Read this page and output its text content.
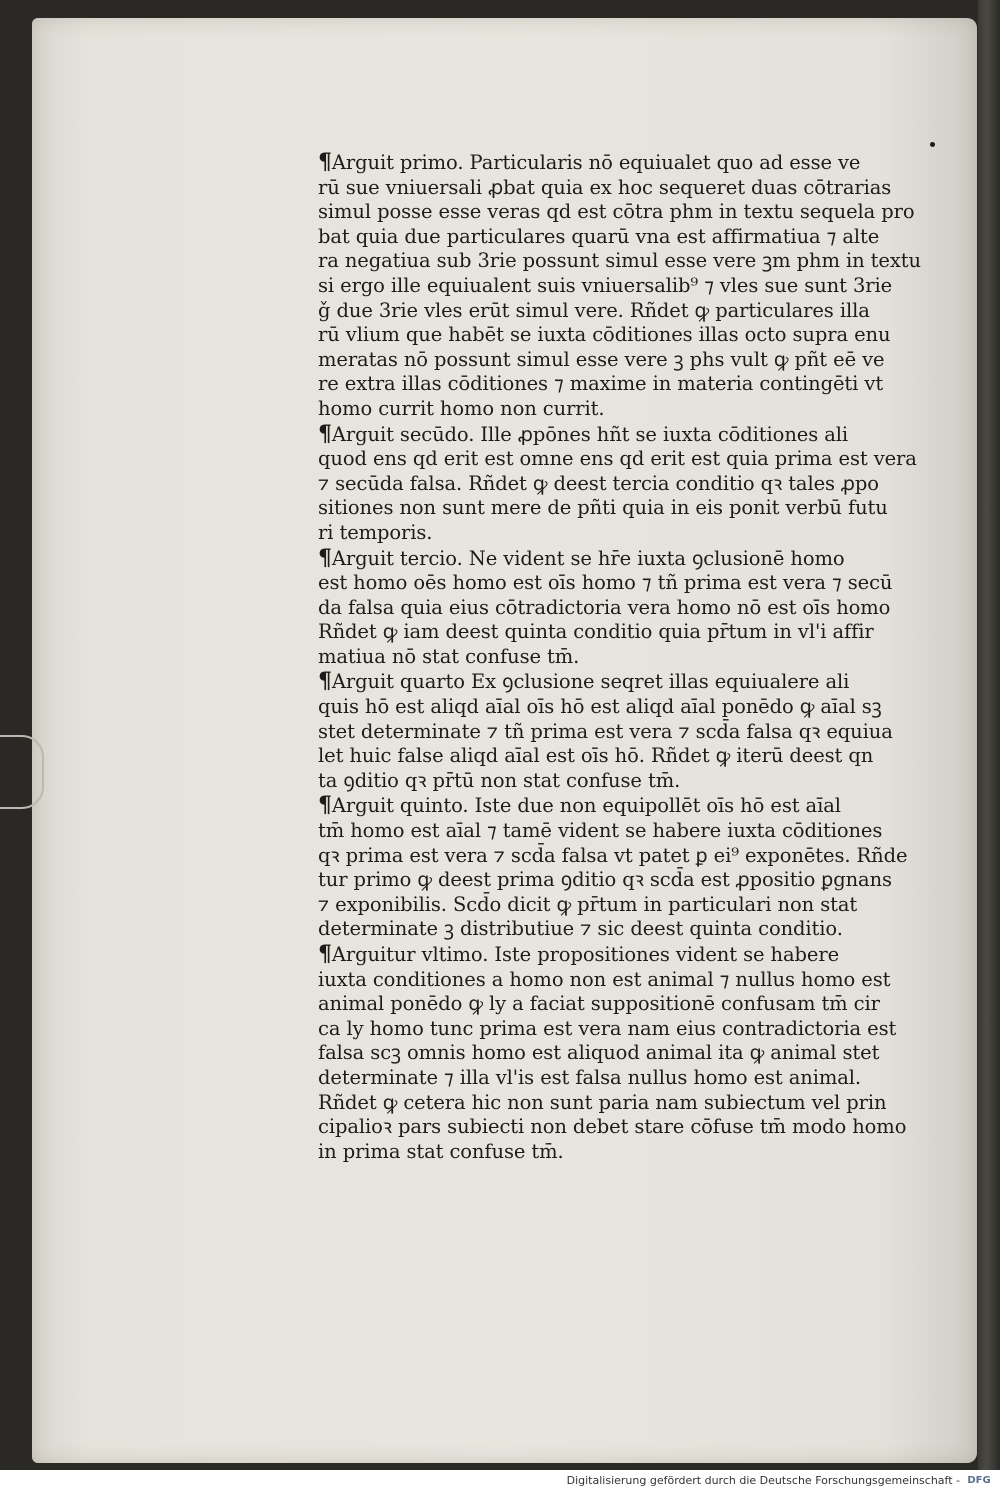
¶Arguit primo. Particularis nō equiualet quo ad esse ve
rū sue vniuersali ꝓbat quia ex hoc sequeret duas cōtrarias
simul posse esse veras qd est cōtra phm in textu sequela pro
bat quia due particulares quarū vna est affirmatiua ⁊ alte
ra negatiua sub 3rie possunt simul esse vere ꝫm phm in textu
si ergo ille equiualent suis vniuersalib⁹ ⁊ vles sue sunt 3rie
ǧ due 3rie vles erūt simul vere. Rñdet ꝙ particulares illa
rū vlium que habēt se iuxta cōditiones illas octo supra enu
meratas nō possunt simul esse vere ꝫ phs vult ꝙ pñt eē ve
re extra illas cōditiones ⁊ maxime in materia contingēti vt
homo currit homo non currit.

¶Arguit secūdo. Ille ꝓpōnes hñt se iuxta cōditiones ali
quod ens qd erit est omne ens qd erit est quia prima est vera
⁊ secūda falsa. Rñdet ꝙ deest tercia conditio qꝛ tales ꝓpo
sitiones non sunt mere de pñti quia in eis ponit verbū futu
ri temporis.

¶Arguit tercio. Ne vident se hr̄e iuxta ꝯclusionē homo
est homo oēs homo est oīs homo ⁊ tñ prima est vera ⁊ secū
da falsa quia eius cōtradictoria vera homo nō est oīs homo
Rñdet ꝙ iam deest quinta conditio quia pr̄tum in vl'i affir
matiua nō stat confuse tm̄.

¶Arguit quarto Ex ꝯclusione seqret illas equiualere ali
quis hō est aliqd aīal oīs hō est aliqd aīal ponēdo ꝙ aīal sꝫ
stet determinate ⁊ tñ prima est vera ⁊ scd̄a falsa qꝛ equiua
let huic false aliqd aīal est oīs hō. Rñdet ꝙ iterū deest qn
ta ꝯditio qꝛ pr̄tū non stat confuse tm̄.

¶Arguit quinto. Iste due non equipollēt oīs hō est aīal
tm̄ homo est aīal ⁊ tamē vident se habere iuxta cōditiones
qꝛ prima est vera ⁊ scd̄a falsa vt patet ꝑ ei⁹ exponētes. Rñde
tur primo ꝙ deest prima ꝯditio qꝛ scd̄a est ꝓpositio ꝑgnans
⁊ exponibilis. Scd̄o dicit ꝙ pr̄tum in particulari non stat
determinate ꝫ distributiue ⁊ sic deest quinta conditio.

¶Arguitur vltimo. Iste propositiones vident se habere
iuxta conditiones a homo non est animal ⁊ nullus homo est
animal ponēdo ꝙ ly a faciat suppositionē confusam tm̄ cir
ca ly homo tunc prima est vera nam eius contradictoria est
falsa scꝫ omnis homo est aliquod animal ita ꝙ animal stet
determinate ⁊ illa vl'is est falsa nullus homo est animal.
Rñdet ꝙ cetera hic non sunt paria nam subiectum vel prin
cipalioꝛ pars subiecti non debet stare cōfuse tm̄ modo homo
in prima stat confuse tm̄.

Digitalisierung gefördert durch die Deutsche Forschungsgemeinschaft - DFG
